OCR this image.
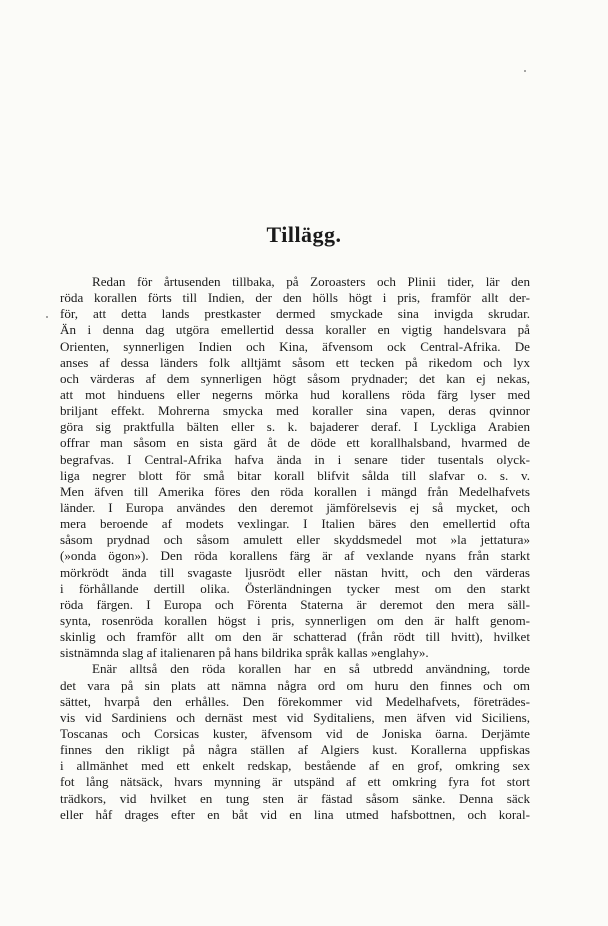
Tillägg.
Redan för årtusenden tillbaka, på Zoroasters och Plinii tider, lär den
röda korallen förts till Indien, der den hölls högt i pris, framför allt der-
för, att detta lands prestkaster dermed smyckade sina invigda skrudar.
Än i denna dag utgöra emellertid dessa koraller en vigtig handelsvara på
Orienten, synnerligen Indien och Kina, äfvensom ock Central-Afrika. De
anses af dessa länders folk alltjämt såsom ett tecken på rikedom och lyx
och värderas af dem synnerligen högt såsom prydnader; det kan ej nekas,
att mot hinduens eller negerns mörka hud korallens röda färg lyser med
briljant effekt. Mohrerna smycka med koraller sina vapen, deras qvinnor
göra sig praktfulla bälten eller s. k. bajaderer deraf. I Lyckliga Arabien
offrar man såsom en sista gärd åt de döde ett korallhalsband, hvarmed de
begrafvas. I Central-Afrika hafva ända in i senare tider tusentals olyck-
liga negrer blott för små bitar korall blifvit sålda till slafvar o. s. v.
Men äfven till Amerika föres den röda korallen i mängd från Medelhafvets
länder. I Europa användes den deremot jämförelsevis ej så mycket, och
mera beroende af modets vexlingar. I Italien bäres den emellertid ofta
såsom prydnad och såsom amulett eller skyddsmedel mot »la jettatura»
(»onda ögon»). Den röda korallens färg är af vexlande nyans från starkt
mörkrödt ända till svagaste ljusrödt eller nästan hvitt, och den värderas
i förhållande dertill olika. Österländningen tycker mest om den starkt
röda färgen. I Europa och Förenta Staterna är deremot den mera säll-
synta, rosenröda korallen högst i pris, synnerligen om den är halft genom-
skinlig och framför allt om den är schatterad (från rödt till hvitt), hvilket
sistnämnda slag af italienaren på hans bildrika språk kallas »englahy».
Enär alltså den röda korallen har en så utbredd användning, torde
det vara på sin plats att nämna några ord om huru den finnes och om
sättet, hvarpå den erhålles. Den förekommer vid Medelhafvets, företrädes-
vis vid Sardiniens och dernäst mest vid Syditaliens, men äfven vid Siciliens,
Toscanas och Corsicas kuster, äfvensom vid de Joniska öarna. Derjämte
finnes den rikligt på några ställen af Algiers kust. Korallerna uppfiskas
i allmänhet med ett enkelt redskap, bestående af en grof, omkring sex
fot lång nätsäck, hvars mynning är utspänd af ett omkring fyra fot stort
trädkors, vid hvilket en tung sten är fästad såsom sänke. Denna säck
eller håf drages efter en båt vid en lina utmed hafsbottnen, och koral-
